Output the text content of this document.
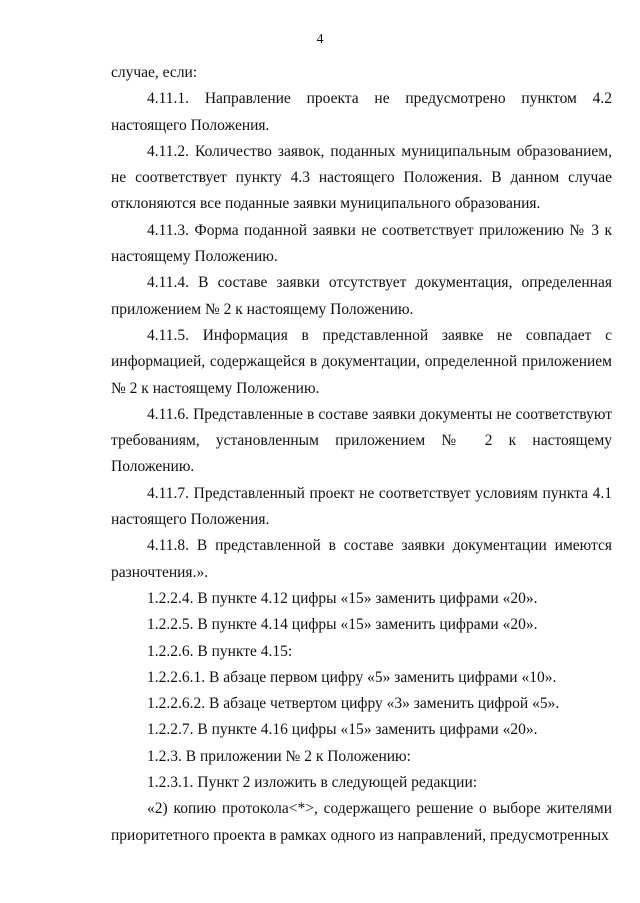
4

случае, если:

4.11.1. Направление проекта не предусмотрено пунктом 4.2 настоящего Положения.

4.11.2. Количество заявок, поданных муниципальным образованием, не соответствует пункту 4.3 настоящего Положения. В данном случае отклоняются все поданные заявки муниципального образования.

4.11.3. Форма поданной заявки не соответствует приложению № 3 к настоящему Положению.

4.11.4. В составе заявки отсутствует документация, определенная приложением № 2 к настоящему Положению.

4.11.5. Информация в представленной заявке не совпадает с информацией, содержащейся в документации, определенной приложением № 2 к настоящему Положению.

4.11.6. Представленные в составе заявки документы не соответствуют требованиям, установленным приложением № 2 к настоящему Положению.

4.11.7. Представленный проект не соответствует условиям пункта 4.1 настоящего Положения.

4.11.8. В представленной в составе заявки документации имеются разночтения.».

1.2.2.4. В пункте 4.12 цифры «15» заменить цифрами «20».

1.2.2.5. В пункте 4.14 цифры «15» заменить цифрами «20».

1.2.2.6. В пункте 4.15:

1.2.2.6.1. В абзаце первом цифру «5» заменить цифрами «10».

1.2.2.6.2. В абзаце четвертом цифру «3» заменить цифрой «5».

1.2.2.7. В пункте 4.16 цифры «15» заменить цифрами «20».

1.2.3. В приложении № 2 к Положению:

1.2.3.1. Пункт 2 изложить в следующей редакции:

«2) копию протокола<*>, содержащего решение о выборе жителями приоритетного проекта в рамках одного из направлений, предусмотренных
